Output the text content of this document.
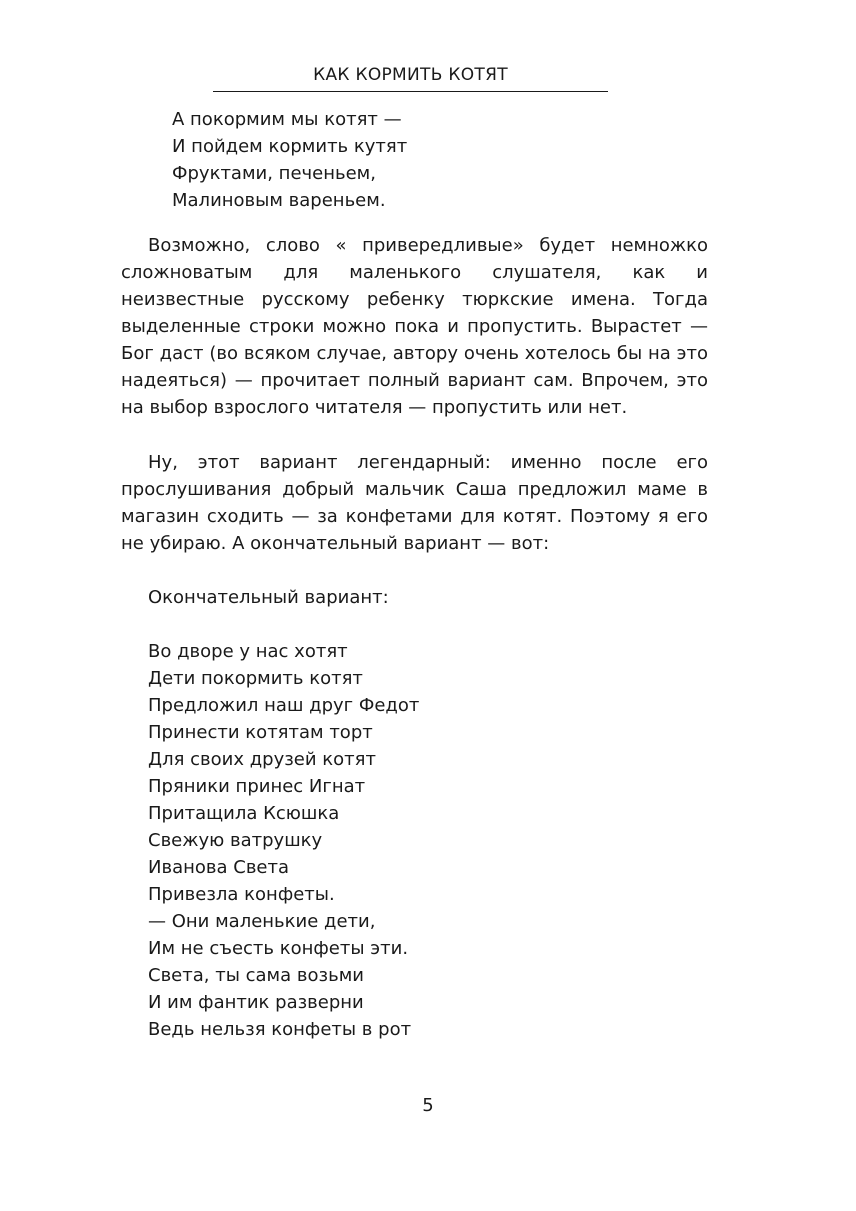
КАК КОРМИТЬ КОТЯТ
А покормим мы котят —
И пойдем кормить кутят
Фруктами, печеньем,
Малиновым вареньем.

Возможно, слово « привередливые» будет немножко сложноватым для маленького слушателя, как и неизвестные русскому ребенку тюркские имена. Тогда выделенные строки можно пока и пропустить. Вырастет — Бог даст (во всяком случае, автору очень хотелось бы на это надеяться) — прочитает полный вариант сам. Впрочем, это на выбор взрослого читателя — пропустить или нет.

Ну, этот вариант легендарный: именно после его прослушивания добрый мальчик Саша предложил маме в магазин сходить — за конфетами для котят. Поэтому я его не убираю. А окончательный вариант — вот:

Окончательный вариант:

Во дворе у нас хотят
Дети покормить котят
Предложил наш друг Федот
Принести котятам торт
Для своих друзей котят
Пряники принес Игнат
Притащила Ксюшка
Свежую ватрушку
Иванова Света
Привезла конфеты.
— Они маленькие дети,
Им не съесть конфеты эти.
Света, ты сама возьми
И им фантик разверни
Ведь нельзя конфеты в рот
5
